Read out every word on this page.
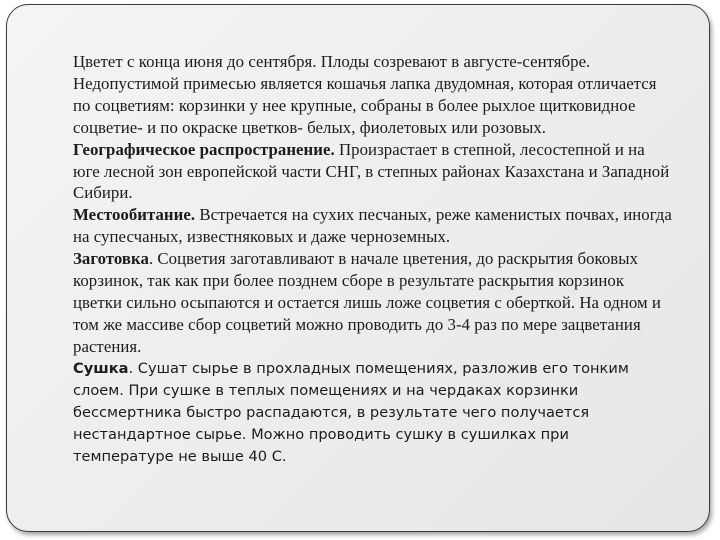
Цветет с конца июня до сентября. Плоды созревают в августе-сентябре. Недопустимой примесью является кошачья лапка двудомная, которая отличается по соцветиям: корзинки у нее крупные, собраны в более рыхлое щитковидное соцветие- и по окраске цветков- белых, фиолетовых или розовых.

Географическое распространение. Произрастает в степной, лесостепной и на юге лесной зон европейской части СНГ, в степных районах Казахстана и Западной Сибири.

Местообитание. Встречается на сухих песчаных, реже каменистых почвах, иногда на супесчаных, известняковых и даже черноземных.

Заготовка. Соцветия заготавливают в начале цветения, до раскрытия боковых корзинок, так как при более позднем сборе в результате раскрытия корзинок цветки сильно осыпаются и остается лишь ложе соцветия с оберткой. На одном и том же массиве сбор соцветий можно проводить до 3-4 раз по мере зацветания растения.

Сушка. Сушат сырье в прохладных помещениях, разложив его тонким слоем. При сушке в теплых помещениях и на чердаках корзинки бессмертника быстро распадаются, в результате чего получается нестандартное сырье. Можно проводить сушку в сушилках при температуре не выше 40 С.
